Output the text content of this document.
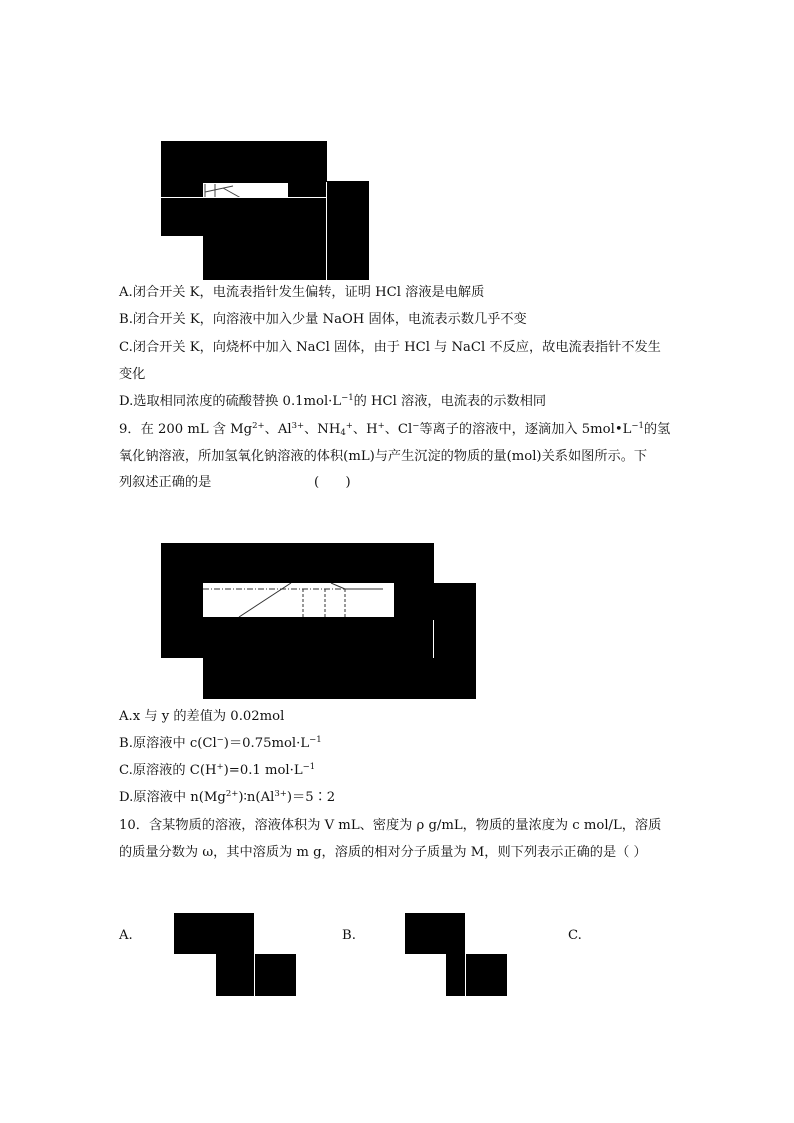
A.闭合开关 K，电流表指针发生偏转，证明 HCl 溶液是电解质
B.闭合开关 K，向溶液中加入少量 NaOH 固体，电流表示数几乎不变
C.闭合开关 K，向烧杯中加入 NaCl 固体，由于 HCl 与 NaCl 不反应，故电流表指针不发生
变化
D.选取相同浓度的硫酸替换 $0.1mol\cdot L^{-1}$的 HCl 溶液，电流表的示数相同
9．在 200 mL 含 $Mg^{2+}$、$Al^{3+}$、$NH_4^+$、H+、Cl−等离子的溶液中，逐滴加入 $5mol•L^{-1}$的氢
氧化钠溶液，所加氢氧化钠溶液的体积(mL)与产生沉淀的物质的量(mol)关系如图所示。下
列叙述正确的是	(　　)
A.x 与 y 的差值为 0.02mol
B.原溶液中 $c(Cl^-)=0.75mol\cdot L^{-1}$
C.原溶液的 C(H+)=0.1 $mol\cdot L^{-1}$
D.原溶液中 $n(Mg^{2+})∶n(Al^{3+})=5∶2$
10．含某物质的溶液，溶液体积为 V mL、密度为 ρ g/mL，物质的量浓度为 c mol/L，溶质
的质量分数为 ω，其中溶质为 m g，溶质的相对分子质量为 M，则下列表示正确的是（ ）
A.	B.	C.
